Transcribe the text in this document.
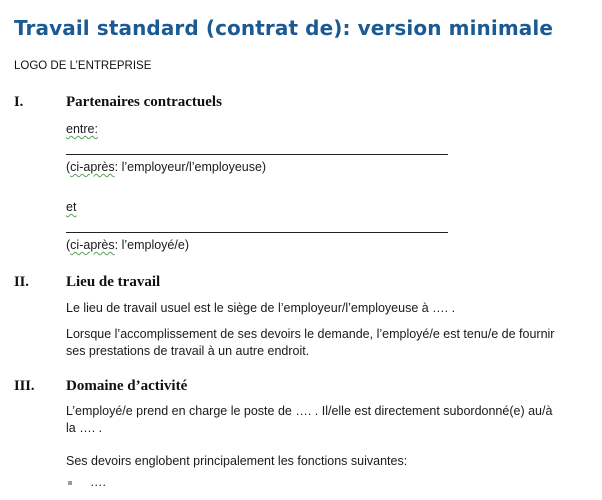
Travail standard (contrat de): version minimale
LOGO DE L’ENTREPRISE
I.	Partenaires contractuels
entre:
(ci-après: l’employeur/l’employeuse)
et
(ci-après: l’employé/e)
II. Lieu de travail
Le lieu de travail usuel est le siège de l’employeur/l’employeuse à …. .
Lorsque l’accomplissement de ses devoirs le demande, l’employé/e est tenu/e de fournir
ses prestations de travail à un autre endroit.
III. Domaine d’activité
L’employé/e prend en charge le poste de …. . Il/elle est directement subordonné(e) au/à
la …. .
Ses devoirs englobent principalement les fonctions suivantes:
….
